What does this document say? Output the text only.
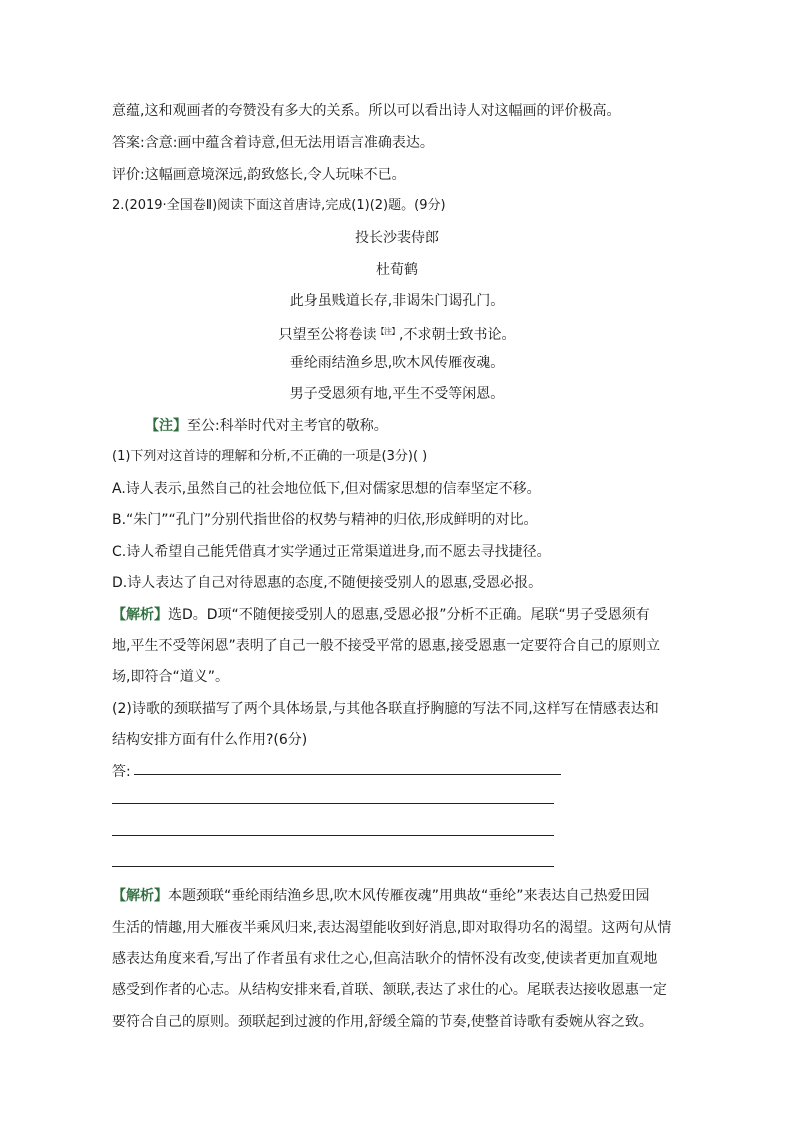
意蕴,这和观画者的夸赞没有多大的关系。所以可以看出诗人对这幅画的评价极高。
答案:含意:画中蕴含着诗意,但无法用语言准确表达。
评价:这幅画意境深远,韵致悠长,令人玩味不已。
2.(2019·全国卷Ⅱ)阅读下面这首唐诗,完成(1)(2)题。(9分)
投长沙裴侍郎
杜荀鹤
此身虽贱道长存,非谒朱门谒孔门。
只望至公将卷读$^{【注】}$,不求朝士致书论。
垂纶雨结渔乡思,吹木风传雁夜魂。
男子受恩须有地,平生不受等闲恩。
【注】至公:科举时代对主考官的敬称。
(1)下列对这首诗的理解和分析,不正确的一项是(3分)( )
A.诗人表示,虽然自己的社会地位低下,但对儒家思想的信奉坚定不移。
B.“朱门”“孔门”分别代指世俗的权势与精神的归依,形成鲜明的对比。
C.诗人希望自己能凭借真才实学通过正常渠道进身,而不愿去寻找捷径。
D.诗人表达了自己对待恩惠的态度,不随便接受别人的恩惠,受恩必报。
【解析】选D。D项“不随便接受别人的恩惠,受恩必报”分析不正确。尾联“男子受恩须有
地,平生不受等闲恩”表明了自己一般不接受平常的恩惠,接受恩惠一定要符合自己的原则立
场,即符合“道义”。
(2)诗歌的颈联描写了两个具体场景,与其他各联直抒胸臆的写法不同,这样写在情感表达和
结构安排方面有什么作用?(6分)
答:
【解析】本题颈联“垂纶雨结渔乡思,吹木风传雁夜魂”用典故“垂纶”来表达自己热爱田园
生活的情趣,用大雁夜半乘风归来,表达渴望能收到好消息,即对取得功名的渴望。这两句从情
感表达角度来看,写出了作者虽有求仕之心,但高洁耿介的情怀没有改变,使读者更加直观地
感受到作者的心志。从结构安排来看,首联、颔联,表达了求仕的心。尾联表达接收恩惠一定
要符合自己的原则。颈联起到过渡的作用,舒缓全篇的节奏,使整首诗歌有委婉从容之致。
